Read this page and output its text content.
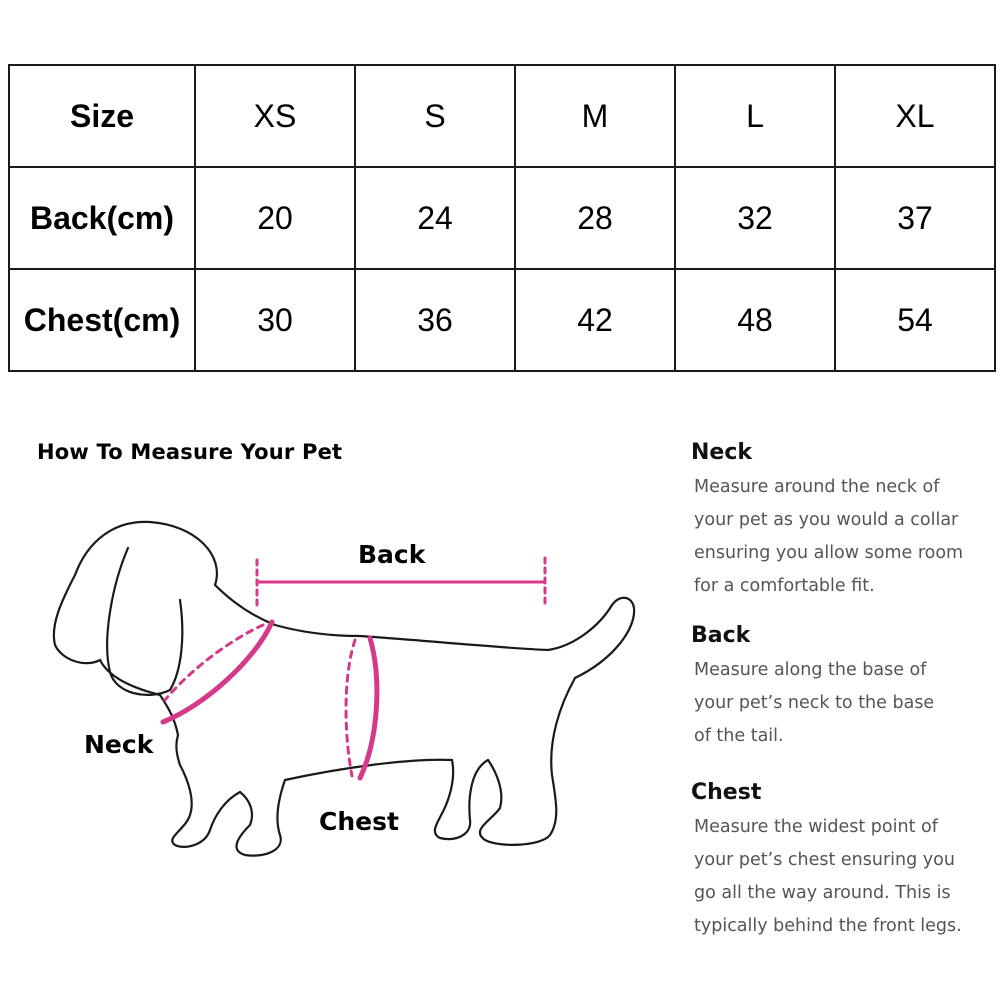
Size	XS	S	M	L	XL
Back(cm)	20	24	28	32	37
Chest(cm)	30	36	42	48	54
How To Measure Your Pet
Back
Neck
Chest
Neck
Measure around the neck of
your pet as you would a collar
ensuring you allow some room
for a comfortable fit.
Back
Measure along the base of
your pet’s neck to the base
of the tail.
Chest
Measure the widest point of
your pet’s chest ensuring you
go all the way around. This is
typically behind the front legs.
